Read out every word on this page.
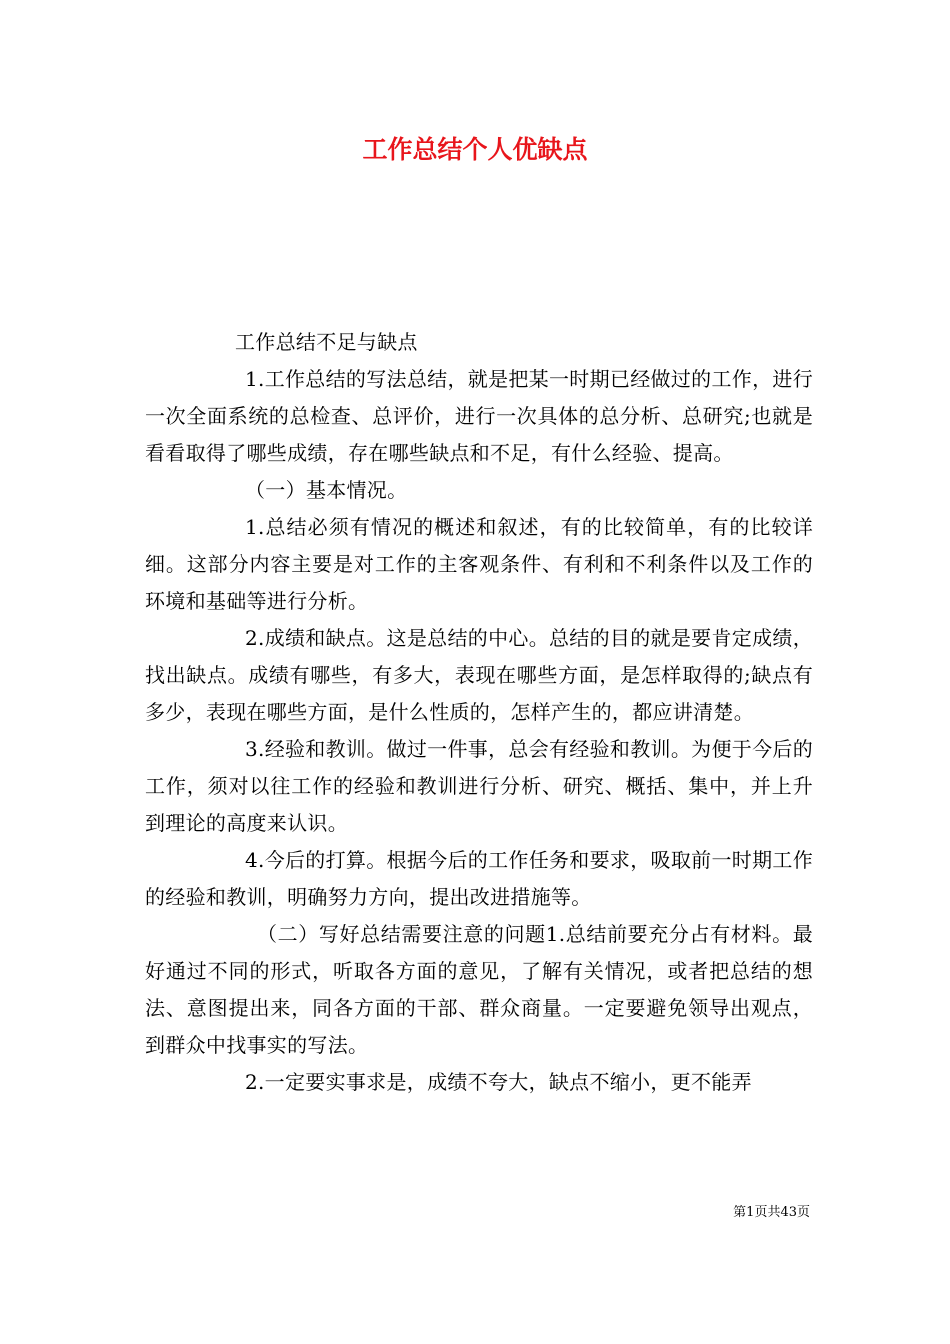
工作总结个人优缺点

工作总结不足与缺点

1.工作总结的写法总结，就是把某一时期已经做过的工作，进行一次全面系统的总检查、总评价，进行一次具体的总分析、总研究;也就是看看取得了哪些成绩，存在哪些缺点和不足，有什么经验、提高。

（一）基本情况。

1.总结必须有情况的概述和叙述，有的比较简单，有的比较详细。这部分内容主要是对工作的主客观条件、有利和不利条件以及工作的环境和基础等进行分析。

2.成绩和缺点。这是总结的中心。总结的目的就是要肯定成绩，找出缺点。成绩有哪些，有多大，表现在哪些方面，是怎样取得的;缺点有多少，表现在哪些方面，是什么性质的，怎样产生的，都应讲清楚。

3.经验和教训。做过一件事，总会有经验和教训。为便于今后的工作，须对以往工作的经验和教训进行分析、研究、概括、集中，并上升到理论的高度来认识。

4.今后的打算。根据今后的工作任务和要求，吸取前一时期工作的经验和教训，明确努力方向，提出改进措施等。

（二）写好总结需要注意的问题1.总结前要充分占有材料。最好通过不同的形式，听取各方面的意见，了解有关情况，或者把总结的想法、意图提出来，同各方面的干部、群众商量。一定要避免领导出观点，到群众中找事实的写法。

2.一定要实事求是，成绩不夸大，缺点不缩小，更不能弄

第1页共43页
